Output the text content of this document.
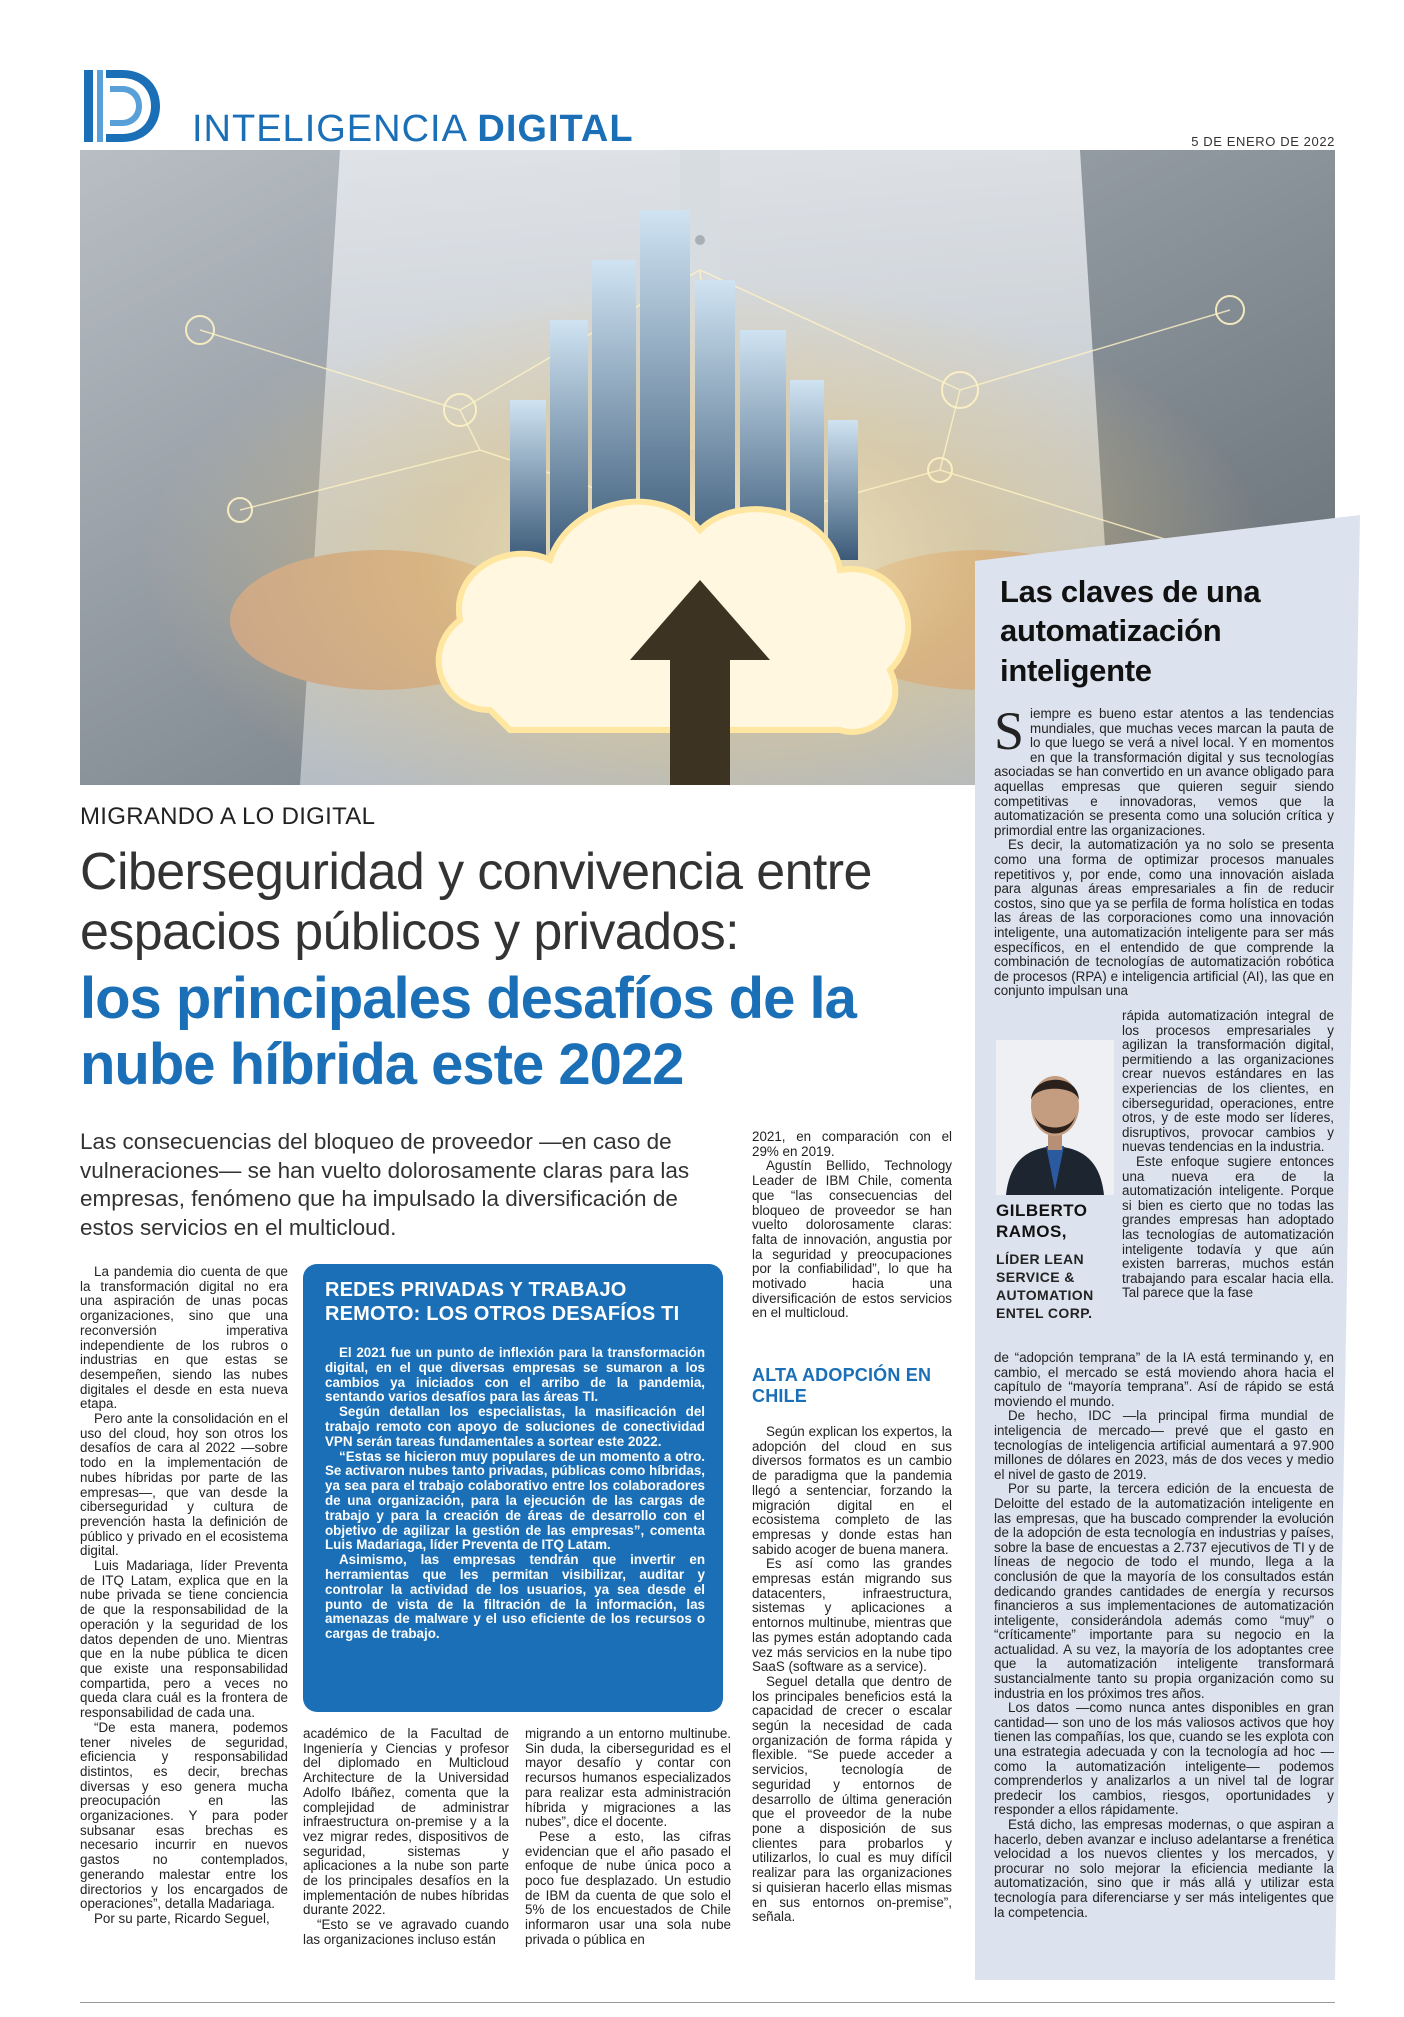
INTELIGENCIA DIGITAL	5 DE ENERO DE 2022
Las claves de una automatización inteligente

Siempre es bueno estar atentos a las tendencias mundiales, que muchas veces marcan la pauta de lo que luego se verá a nivel local. Y en momentos en que la transformación digital y sus tecnologías asociadas se han convertido en un avance obligado para aquellas empresas que quieren seguir siendo competitivas e innovadoras, vemos que la automatización se presenta como una solución crítica y primordial entre las organizaciones.

Es decir, la automatización ya no solo se presenta como una forma de optimizar procesos manuales repetitivos y, por ende, como una innovación aislada para algunas áreas empresariales a fin de reducir costos, sino que ya se perfila de forma holística en todas las áreas de las corporaciones como una innovación inteligente, una automatización inteligente para ser más específicos, en el entendido de que comprende la combinación de tecnologías de automatización robótica de procesos (RPA) e inteligencia artificial (AI), las que en conjunto impulsan una

GILBERTO RAMOS,
LÍDER LEAN SERVICE & AUTOMATION ENTEL CORP.

rápida automatización integral de los procesos empresariales y agilizan la transformación digital, permitiendo a las organizaciones crear nuevos estándares en las experiencias de los clientes, en ciberseguridad, operaciones, entre otros, y de este modo ser líderes, disruptivos, provocar cambios y nuevas tendencias en la industria.

Este enfoque sugiere entonces una nueva era de la automatización inteligente. Porque si bien es cierto que no todas las grandes empresas han adoptado las tecnologías de automatización inteligente todavía y que aún existen barreras, muchos están trabajando para escalar hacia ella. Tal parece que la fase

de “adopción temprana” de la IA está terminando y, en cambio, el mercado se está moviendo ahora hacia el capítulo de “mayoría temprana”. Así de rápido se está moviendo el mundo.

De hecho, IDC —la principal firma mundial de inteligencia de mercado— prevé que el gasto en tecnologías de inteligencia artificial aumentará a 97.900 millones de dólares en 2023, más de dos veces y medio el nivel de gasto de 2019.

Por su parte, la tercera edición de la encuesta de Deloitte del estado de la automatización inteligente en las empresas, que ha buscado comprender la evolución de la adopción de esta tecnología en industrias y países, sobre la base de encuestas a 2.737 ejecutivos de TI y de líneas de negocio de todo el mundo, llega a la conclusión de que la mayoría de los consultados están dedicando grandes cantidades de energía y recursos financieros a sus implementaciones de automatización inteligente, considerándola además como “muy” o “críticamente” importante para su negocio en la actualidad. A su vez, la mayoría de los adoptantes cree que la automatización inteligente transformará sustancialmente tanto su propia organización como su industria en los próximos tres años.

Los datos —como nunca antes disponibles en gran cantidad— son uno de los más valiosos activos que hoy tienen las compañías, los que, cuando se les explota con una estrategia adecuada y con la tecnología ad hoc —como la automatización inteligente— podemos comprenderlos y analizarlos a un nivel tal de lograr predecir los cambios, riesgos, oportunidades y responder a ellos rápidamente.

Está dicho, las empresas modernas, o que aspiran a hacerlo, deben avanzar e incluso adelantarse a frenética velocidad a los nuevos clientes y los mercados, y procurar no solo mejorar la eficiencia mediante la automatización, sino que ir más allá y utilizar esta tecnología para diferenciarse y ser más inteligentes que la competencia.

MIGRANDO A LO DIGITAL
Ciberseguridad y convivencia entre espacios públicos y privados:
los principales desafíos de la nube híbrida este 2022
Las consecuencias del bloqueo de proveedor —en caso de vulneraciones— se han vuelto dolorosamente claras para las empresas, fenómeno que ha impulsado la diversificación de estos servicios en el multicloud.

La pandemia dio cuenta de que la transformación digital no era una aspiración de unas pocas organizaciones, sino que una reconversión imperativa independiente de los rubros o industrias en que estas se desempeñen, siendo las nubes digitales el desde en esta nueva etapa.

Pero ante la consolidación en el uso del cloud, hoy son otros los desafíos de cara al 2022 —sobre todo en la implementación de nubes híbridas por parte de las empresas—, que van desde la ciberseguridad y cultura de prevención hasta la definición de público y privado en el ecosistema digital.

Luis Madariaga, líder Preventa de ITQ Latam, explica que en la nube privada se tiene conciencia de que la responsabilidad de la operación y la seguridad de los datos dependen de uno. Mientras que en la nube pública te dicen que existe una responsabilidad compartida, pero a veces no queda clara cuál es la frontera de responsabilidad de cada una.

“De esta manera, podemos tener niveles de seguridad, eficiencia y responsabilidad distintos, es decir, brechas diversas y eso genera mucha preocupación en las organizaciones. Y para poder subsanar esas brechas es necesario incurrir en nuevos gastos no contemplados, generando malestar entre los directorios y los encargados de operaciones”, detalla Madariaga.

Por su parte, Ricardo Seguel,

REDES PRIVADAS Y TRABAJO REMOTO: LOS OTROS DESAFÍOS TI

El 2021 fue un punto de inflexión para la transformación digital, en el que diversas empresas se sumaron a los cambios ya iniciados con el arribo de la pandemia, sentando varios desafíos para las áreas TI.

Según detallan los especialistas, la masificación del trabajo remoto con apoyo de soluciones de conectividad VPN serán tareas fundamentales a sortear este 2022.

“Estas se hicieron muy populares de un momento a otro. Se activaron nubes tanto privadas, públicas como híbridas, ya sea para el trabajo colaborativo entre los colaboradores de una organización, para la ejecución de las cargas de trabajo y para la creación de áreas de desarrollo con el objetivo de agilizar la gestión de las empresas”, comenta Luis Madariaga, líder Preventa de ITQ Latam.

Asimismo, las empresas tendrán que invertir en herramientas que les permitan visibilizar, auditar y controlar la actividad de los usuarios, ya sea desde el punto de vista de la filtración de la información, las amenazas de malware y el uso eficiente de los recursos o cargas de trabajo.

académico de la Facultad de Ingeniería y Ciencias y profesor del diplomado en Multicloud Architecture de la Universidad Adolfo Ibáñez, comenta que la complejidad de administrar infraestructura on-premise y a la vez migrar redes, dispositivos de seguridad, sistemas y aplicaciones a la nube son parte de los principales desafíos en la implementación de nubes híbridas durante 2022.

“Esto se ve agravado cuando las organizaciones incluso están

migrando a un entorno multinube. Sin duda, la ciberseguridad es el mayor desafío y contar con recursos humanos especializados para realizar esta administración híbrida y migraciones a las nubes”, dice el docente.

Pese a esto, las cifras evidencian que el año pasado el enfoque de nube única poco a poco fue desplazado. Un estudio de IBM da cuenta de que solo el 5% de los encuestados de Chile informaron usar una sola nube privada o pública en

2021, en comparación con el 29% en 2019.

Agustín Bellido, Technology Leader de IBM Chile, comenta que “las consecuencias del bloqueo de proveedor se han vuelto dolorosamente claras: falta de innovación, angustia por la seguridad y preocupaciones por la confiabilidad”, lo que ha motivado hacia una diversificación de estos servicios en el multicloud.

ALTA ADOPCIÓN EN CHILE

Según explican los expertos, la adopción del cloud en sus diversos formatos es un cambio de paradigma que la pandemia llegó a sentenciar, forzando la migración digital en el ecosistema completo de las empresas y donde estas han sabido acoger de buena manera.

Es así como las grandes empresas están migrando sus datacenters, infraestructura, sistemas y aplicaciones a entornos multinube, mientras que las pymes están adoptando cada vez más servicios en la nube tipo SaaS (software as a service).

Seguel detalla que dentro de los principales beneficios está la capacidad de crecer o escalar según la necesidad de cada organización de forma rápida y flexible. “Se puede acceder a servicios, tecnología de seguridad y entornos de desarrollo de última generación que el proveedor de la nube pone a disposición de sus clientes para probarlos y utilizarlos, lo cual es muy difícil realizar para las organizaciones si quisieran hacerlo ellas mismas en sus entornos on-premise”, señala.
